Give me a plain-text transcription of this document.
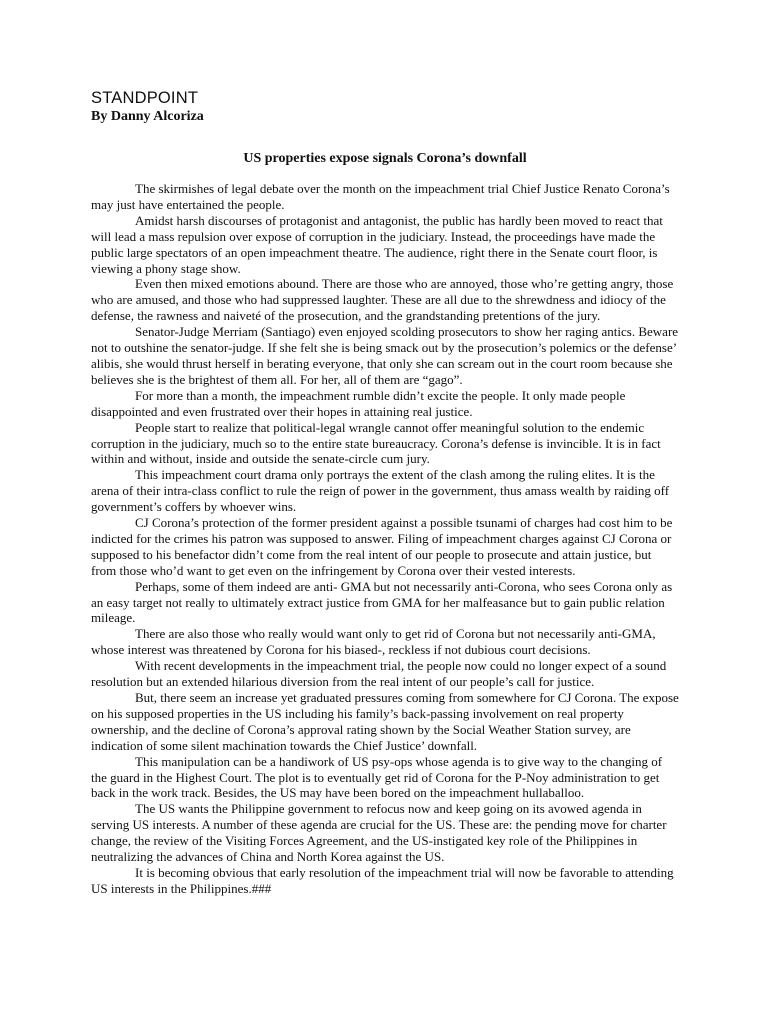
STANDPOINT

By Danny Alcoriza

US properties expose signals Corona’s downfall

The skirmishes of legal debate over the month on the impeachment trial Chief Justice Renato Corona’s may just have entertained the people.

Amidst harsh discourses of protagonist and antagonist, the public has hardly been moved to react that will lead a mass repulsion over expose of corruption in the judiciary. Instead, the proceedings have made the public large spectators of an open impeachment theatre. The audience, right there in the Senate court floor, is viewing a phony stage show.

Even then mixed emotions abound. There are those who are annoyed, those who’re getting angry, those who are amused, and those who had suppressed laughter. These are all due to the shrewdness and idiocy of the defense, the rawness and naiveté of the prosecution, and the grandstanding pretentions of the jury.

Senator-Judge Merriam (Santiago) even enjoyed scolding prosecutors to show her raging antics. Beware not to outshine the senator-judge. If she felt she is being smack out by the prosecution’s polemics or the defense’ alibis, she would thrust herself in berating everyone, that only she can scream out in the court room because she believes she is the brightest of them all. For her, all of them are “gago”.

For more than a month, the impeachment rumble didn’t excite the people. It only made people disappointed and even frustrated over their hopes in attaining real justice.

People start to realize that political-legal wrangle cannot offer meaningful solution to the endemic corruption in the judiciary, much so to the entire state bureaucracy. Corona’s defense is invincible. It is in fact within and without, inside and outside the senate-circle cum jury.

This impeachment court drama only portrays the extent of the clash among the ruling elites. It is the arena of their intra-class conflict to rule the reign of power in the government, thus amass wealth by raiding off government’s coffers by whoever wins.

CJ Corona’s protection of the former president against a possible tsunami of charges had cost him to be indicted for the crimes his patron was supposed to answer. Filing of impeachment charges against CJ Corona or supposed to his benefactor didn’t come from the real intent of our people to prosecute and attain justice, but from those who’d want to get even on the infringement by Corona over their vested interests.

Perhaps, some of them indeed are anti- GMA but not necessarily anti-Corona, who sees Corona only as an easy target not really to ultimately extract justice from GMA for her malfeasance but to gain public relation mileage.

There are also those who really would want only to get rid of Corona but not necessarily anti-GMA, whose interest was threatened by Corona for his biased-, reckless if not dubious court decisions.

With recent developments in the impeachment trial, the people now could no longer expect of a sound resolution but an extended hilarious diversion from the real intent of our people’s call for justice.

But, there seem an increase yet graduated pressures coming from somewhere for CJ Corona. The expose on his supposed properties in the US including his family’s back-passing involvement on real property ownership, and the decline of Corona’s approval rating shown by the Social Weather Station survey, are indication of some silent machination towards the Chief Justice’ downfall.

This manipulation can be a handiwork of US psy-ops whose agenda is to give way to the changing of the guard in the Highest Court. The plot is to eventually get rid of Corona for the P-Noy administration to get back in the work track. Besides, the US may have been bored on the impeachment hullaballoo.

The US wants the Philippine government to refocus now and keep going on its avowed agenda in serving US interests. A number of these agenda are crucial for the US. These are: the pending move for charter change, the review of the Visiting Forces Agreement, and the US-instigated key role of the Philippines in neutralizing the advances of China and North Korea against the US.

It is becoming obvious that early resolution of the impeachment trial will now be favorable to attending US interests in the Philippines.###
